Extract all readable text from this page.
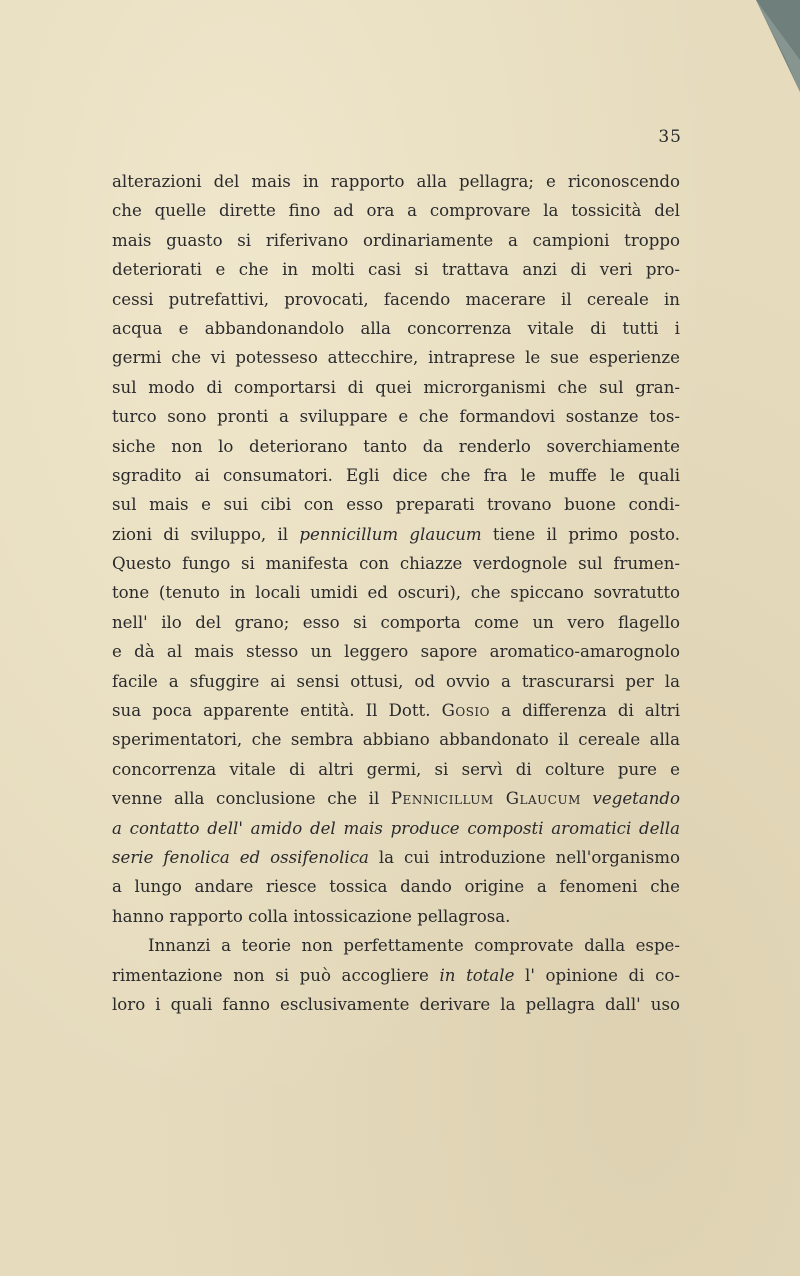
35

alterazioni del mais in rapporto alla pellagra; e riconoscendo
che quelle dirette fino ad ora a comprovare la tossicità del
mais guasto si riferivano ordinariamente a campioni troppo
deteriorati e che in molti casi si trattava anzi di veri pro-
cessi putrefattivi, provocati, facendo macerare il cereale in
acqua e abbandonandolo alla concorrenza vitale di tutti i
germi che vi potesseso attecchire, intraprese le sue esperienze
sul modo di comportarsi di quei microrganismi che sul gran-
turco sono pronti a svilupparе e che formandovi sostanze tos-
siche non lo deteriorano tanto da renderlo soverchiamente
sgradito ai consumatori. Egli dice che fra le muffe le quali
sul mais e sui cibi con esso preparati trovano buone condi-
zioni di sviluppo, il pennicillum glaucum tiene il primo posto.
Questo fungo si manifesta con chiazze verdognole sul frumen-
tone (tenuto in locali umidi ed oscuri), che spiccano sovratutto
nell' ilo del grano; esso si comporta come un vero flagello
e dà al mais stesso un leggero sapore aromatico-amarognolo
facile a sfuggire ai sensi ottusi, od ovvio a trascurarsi per la
sua poca apparente entità. Il Dott. Gosio a differenza di altri
sperimentatori, che sembra abbiano abbandonato il cereale alla
concorrenza vitale di altri germi, si servì di colture pure e
venne alla conclusione che il Pennicillum Glaucum vegetando
a contatto dell' amido del mais produce composti aromatici della
serie fenolica ed ossifenolica la cui introduzione nell'organismo
a lungo andare riesce tossica dando origine a fenomeni che
hanno rapporto colla intossicazione pellagrosa.
Innanzi a teorie non perfettamente comprovate dalla espe-
rimentazione non si può accogliere in totale l' opinione di co-
loro i quali fanno esclusivamente derivare la pellagra dall' uso
